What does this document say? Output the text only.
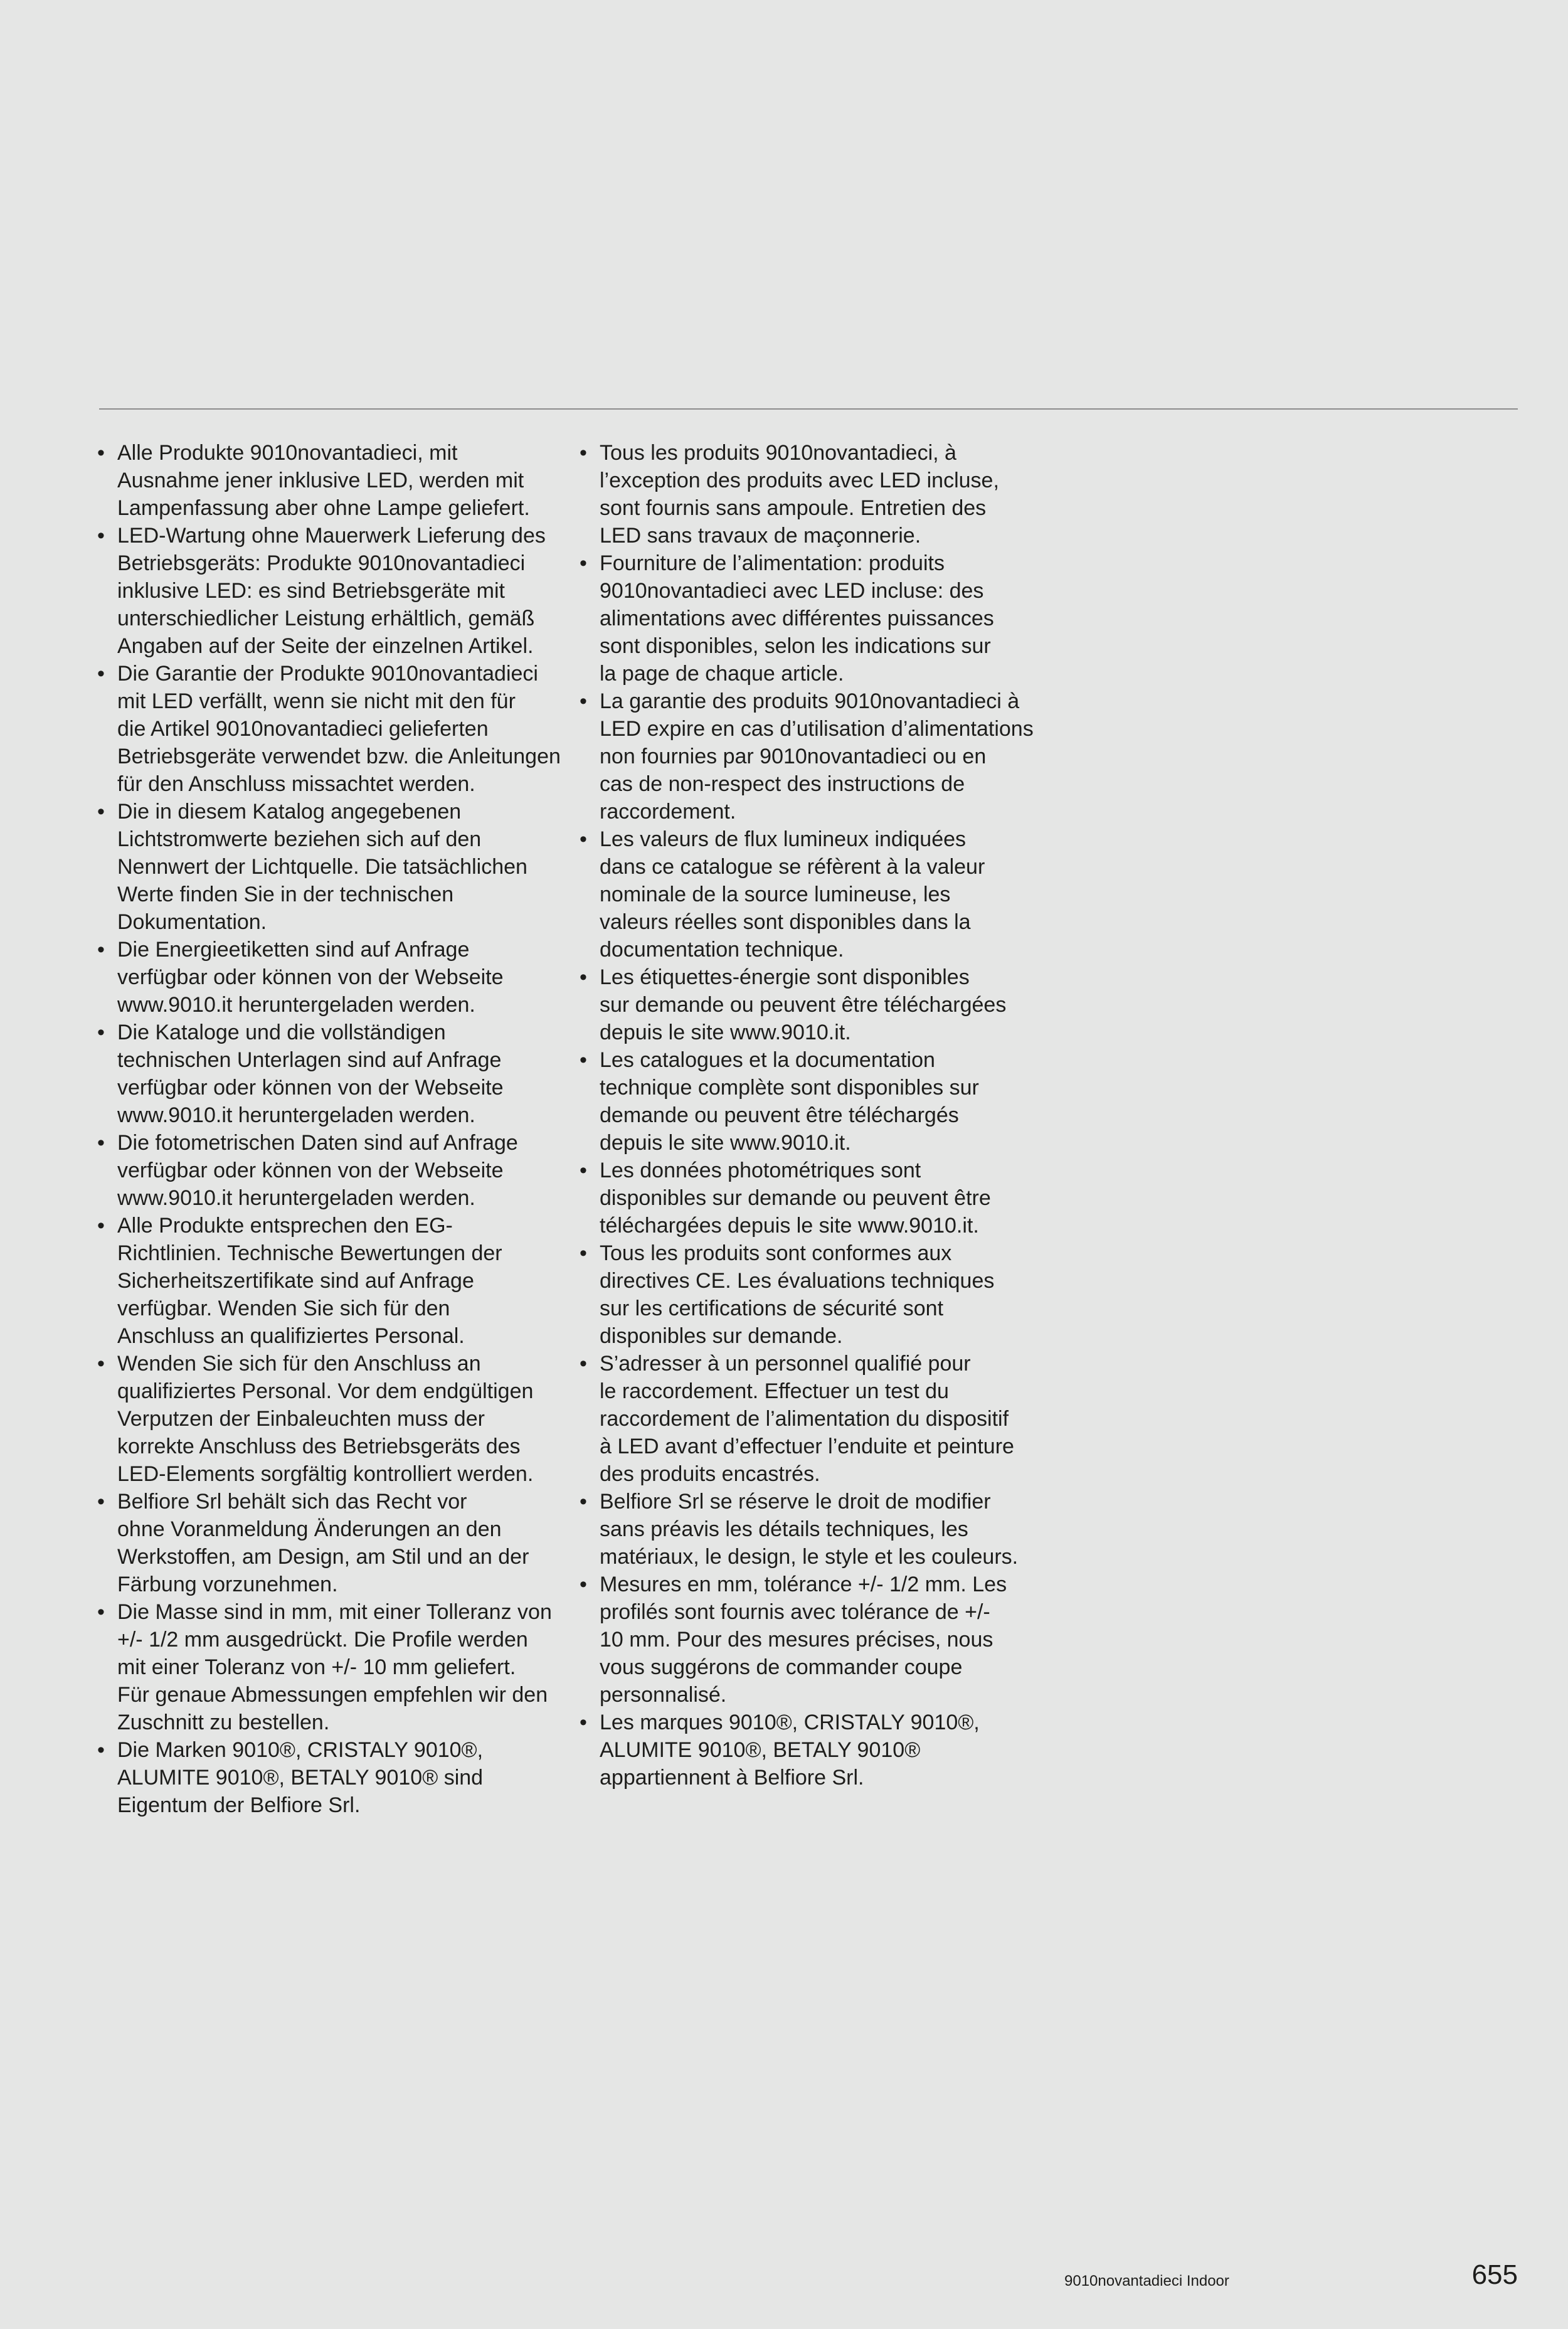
• Alle Produkte 9010novantadieci, mit
Ausnahme jener inklusive LED, werden mit
Lampenfassung aber ohne Lampe geliefert.
• LED-Wartung ohne Mauerwerk Lieferung des
Betriebsgeräts: Produkte 9010novantadieci
inklusive LED: es sind Betriebsgeräte mit
unterschiedlicher Leistung erhältlich, gemäß
Angaben auf der Seite der einzelnen Artikel.
• Die Garantie der Produkte 9010novantadieci
mit LED verfällt, wenn sie nicht mit den für
die Artikel 9010novantadieci gelieferten
Betriebsgeräte verwendet bzw. die Anleitungen
für den Anschluss missachtet werden.
• Die in diesem Katalog angegebenen
Lichtstromwerte beziehen sich auf den
Nennwert der Lichtquelle. Die tatsächlichen
Werte finden Sie in der technischen
Dokumentation.
• Die Energieetiketten sind auf Anfrage
verfügbar oder können von der Webseite
www.9010.it heruntergeladen werden.
• Die Kataloge und die vollständigen
technischen Unterlagen sind auf Anfrage
verfügbar oder können von der Webseite
www.9010.it heruntergeladen werden.
• Die fotometrischen Daten sind auf Anfrage
verfügbar oder können von der Webseite
www.9010.it heruntergeladen werden.
• Alle Produkte entsprechen den EG-
Richtlinien. Technische Bewertungen der
Sicherheitszertifikate sind auf Anfrage
verfügbar. Wenden Sie sich für den
Anschluss an qualifiziertes Personal.
• Wenden Sie sich für den Anschluss an
qualifiziertes Personal. Vor dem endgültigen
Verputzen der Einbaleuchten muss der
korrekte Anschluss des Betriebsgeräts des
LED-Elements sorgfältig kontrolliert werden.
• Belfiore Srl behält sich das Recht vor
ohne Voranmeldung Änderungen an den
Werkstoffen, am Design, am Stil und an der
Färbung vorzunehmen.
• Die Masse sind in mm, mit einer Tolleranz von
+/- 1/2 mm ausgedrückt. Die Profile werden
mit einer Toleranz von +/- 10 mm geliefert.
Für genaue Abmessungen empfehlen wir den
Zuschnitt zu bestellen.
• Die Marken 9010®, CRISTALY 9010®,
ALUMITE 9010®, BETALY 9010® sind
Eigentum der Belfiore Srl.
• Tous les produits 9010novantadieci, à
l’exception des produits avec LED incluse,
sont fournis sans ampoule. Entretien des
LED sans travaux de maçonnerie.
• Fourniture de l’alimentation: produits
9010novantadieci avec LED incluse: des
alimentations avec différentes puissances
sont disponibles, selon les indications sur
la page de chaque article.
• La garantie des produits 9010novantadieci à
LED expire en cas d’utilisation d’alimentations
non fournies par 9010novantadieci ou en
cas de non-respect des instructions de
raccordement.
• Les valeurs de flux lumineux indiquées
dans ce catalogue se réfèrent à la valeur
nominale de la source lumineuse, les
valeurs réelles sont disponibles dans la
documentation technique.
• Les étiquettes-énergie sont disponibles
sur demande ou peuvent être téléchargées
depuis le site www.9010.it.
• Les catalogues et la documentation
technique complète sont disponibles sur
demande ou peuvent être téléchargés
depuis le site www.9010.it.
• Les données photométriques sont
disponibles sur demande ou peuvent être
téléchargées depuis le site www.9010.it.
• Tous les produits sont conformes aux
directives CE. Les évaluations techniques
sur les certifications de sécurité sont
disponibles sur demande.
• S’adresser à un personnel qualifié pour
le raccordement. Effectuer un test du
raccordement de l’alimentation du dispositif
à LED avant d’effectuer l’enduite et peinture
des produits encastrés.
• Belfiore Srl se réserve le droit de modifier
sans préavis les détails techniques, les
matériaux, le design, le style et les couleurs.
• Mesures en mm, tolérance +/- 1/2 mm. Les
profilés sont fournis avec tolérance de +/-
10 mm. Pour des mesures précises, nous
vous suggérons de commander coupe
personnalisé.
• Les marques 9010®, CRISTALY 9010®,
ALUMITE 9010®, BETALY 9010®
appartiennent à Belfiore Srl.
9010novantadieci Indoor	655
